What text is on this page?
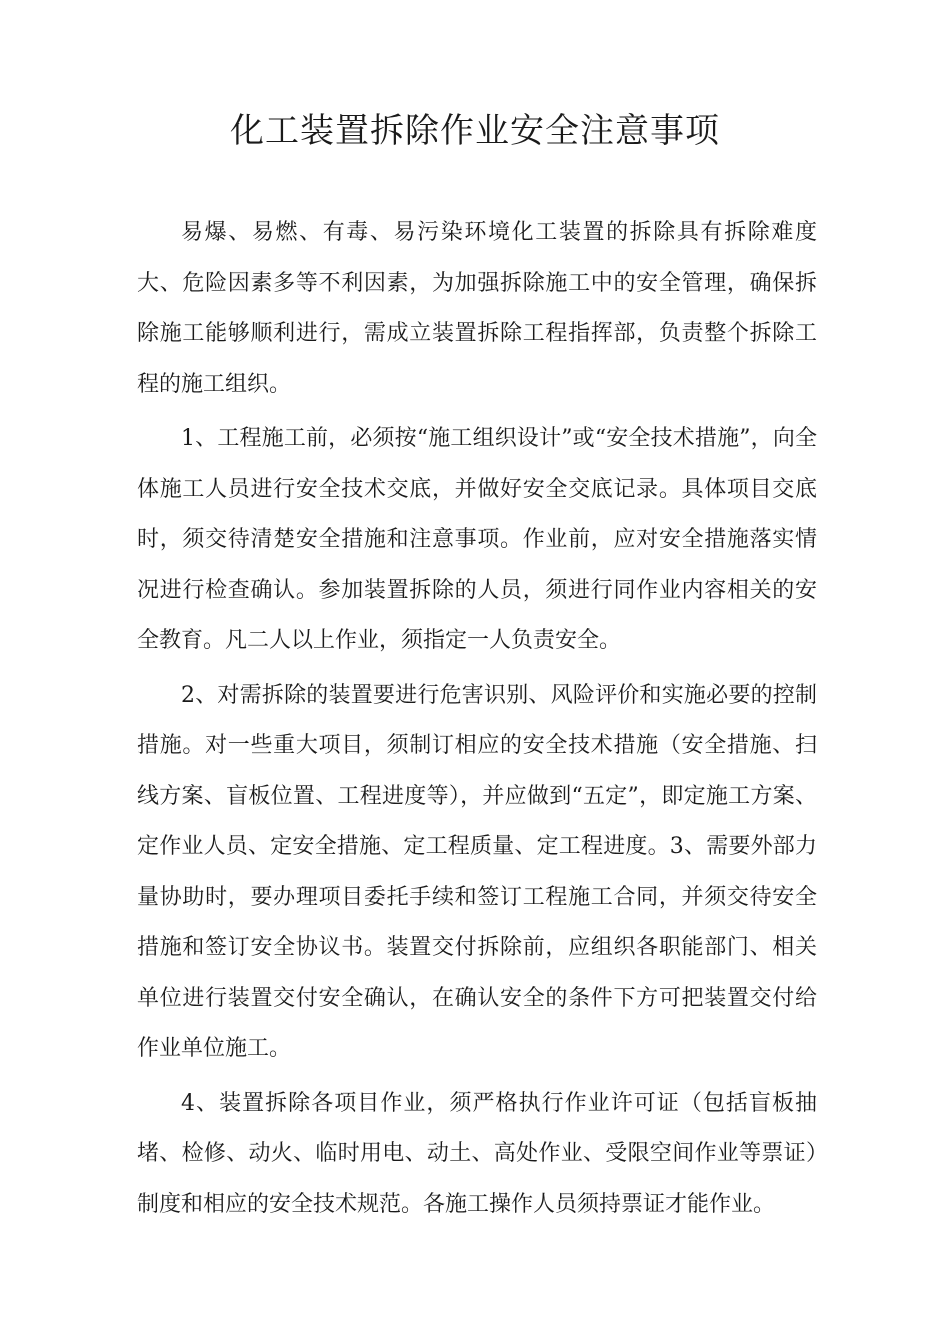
化工装置拆除作业安全注意事项

易爆、易燃、有毒、易污染环境化工装置的拆除具有拆除难度大、危险因素多等不利因素，为加强拆除施工中的安全管理，确保拆除施工能够顺利进行，需成立装置拆除工程指挥部，负责整个拆除工程的施工组织。

1、工程施工前，必须按“施工组织设计”或“安全技术措施”，向全体施工人员进行安全技术交底，并做好安全交底记录。具体项目交底时，须交待清楚安全措施和注意事项。作业前，应对安全措施落实情况进行检查确认。参加装置拆除的人员，须进行同作业内容相关的安全教育。凡二人以上作业，须指定一人负责安全。

2、对需拆除的装置要进行危害识别、风险评价和实施必要的控制措施。对一些重大项目，须制订相应的安全技术措施（安全措施、扫线方案、盲板位置、工程进度等），并应做到“五定”，即定施工方案、定作业人员、定安全措施、定工程质量、定工程进度。3、需要外部力量协助时，要办理项目委托手续和签订工程施工合同，并须交待安全措施和签订安全协议书。装置交付拆除前，应组织各职能部门、相关单位进行装置交付安全确认，在确认安全的条件下方可把装置交付给作业单位施工。

4、装置拆除各项目作业，须严格执行作业许可证（包括盲板抽堵、检修、动火、临时用电、动土、高处作业、受限空间作业等票证）制度和相应的安全技术规范。各施工操作人员须持票证才能作业。
